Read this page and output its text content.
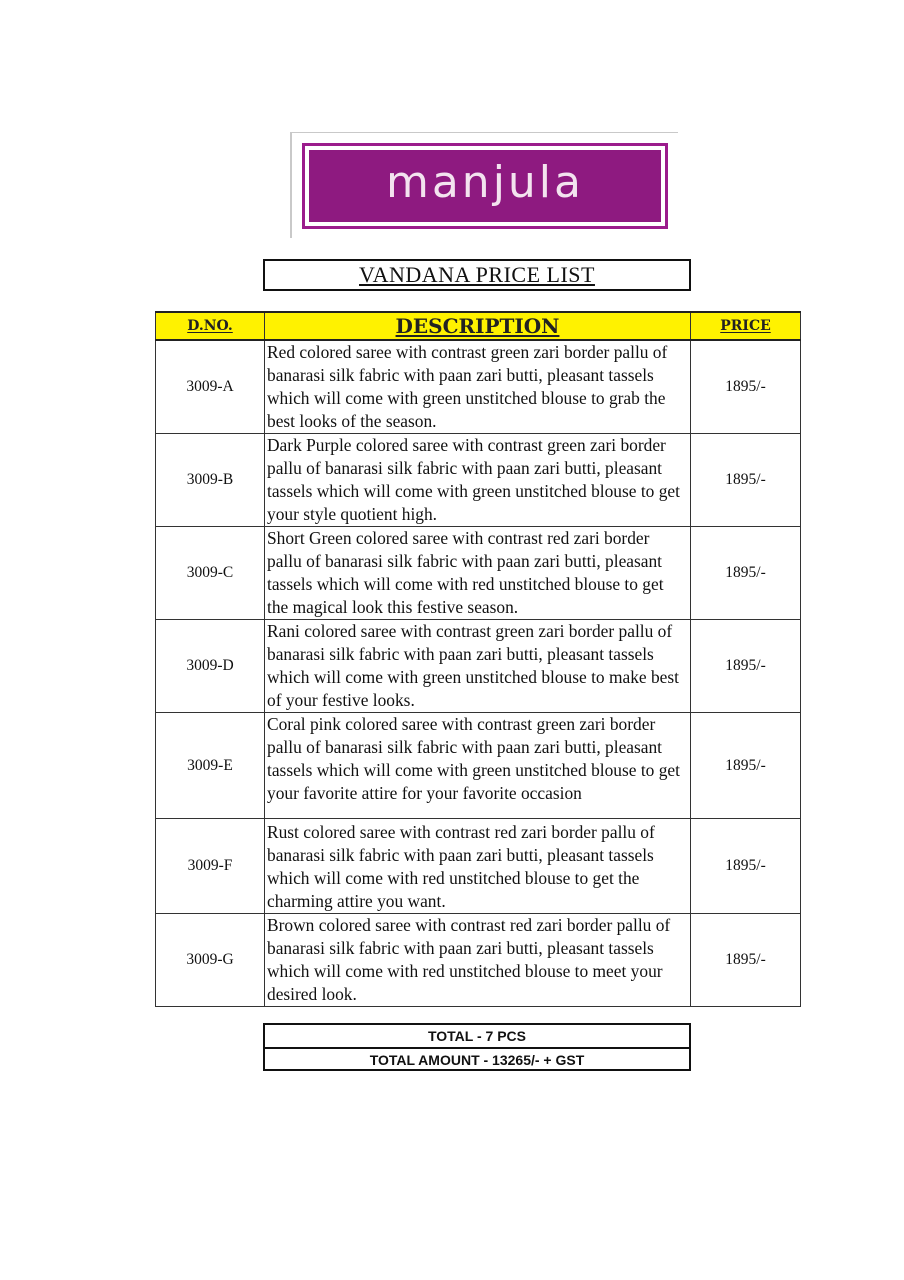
manjula
VANDANA PRICE LIST
D.NO.	DESCRIPTION	PRICE
3009-A	Red colored saree with contrast green zari border pallu of banarasi silk fabric with paan zari butti, pleasant tassels which will come with green unstitched blouse to grab the best looks of the season.	1895/-
3009-B	Dark Purple colored saree with contrast green zari border pallu of banarasi silk fabric with paan zari butti, pleasant tassels which will come with green unstitched blouse to get your style quotient high.	1895/-
3009-C	Short Green colored saree with contrast red zari border pallu of banarasi silk fabric with paan zari butti, pleasant tassels which will come with red unstitched blouse to get the magical look this festive season.	1895/-
3009-D	Rani colored saree with contrast green zari border pallu of banarasi silk fabric with paan zari butti, pleasant tassels which will come with green unstitched blouse to make best of your festive looks.	1895/-
3009-E	Coral pink colored saree with contrast green zari border pallu of banarasi silk fabric with paan zari butti, pleasant tassels which will come with green unstitched blouse to get your favorite attire for your favorite occasion	1895/-
3009-F	Rust colored saree with contrast red zari border pallu of banarasi silk fabric with paan zari butti, pleasant tassels which will come with red unstitched blouse to get the charming attire you want.	1895/-
3009-G	Brown colored saree with contrast red zari border pallu of banarasi silk fabric with paan zari butti, pleasant tassels which will come with red unstitched blouse to meet your desired look.	1895/-
TOTAL - 7 PCS
TOTAL AMOUNT - 13265/- + GST
